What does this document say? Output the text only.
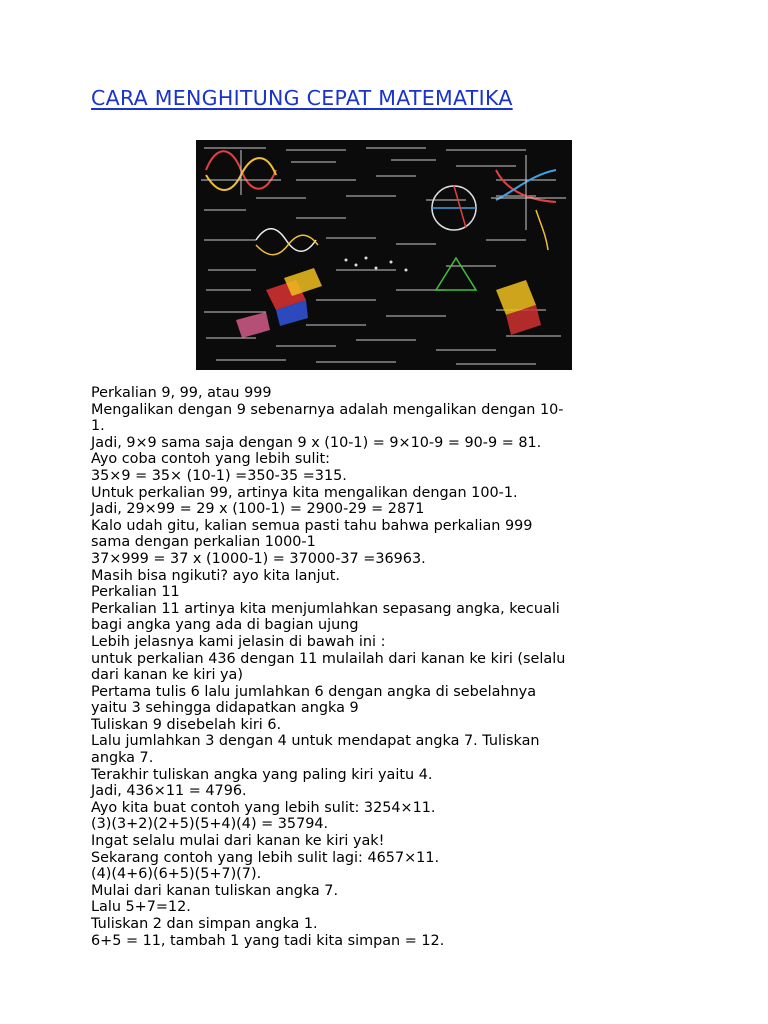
CARA MENGHITUNG CEPAT MATEMATIKA
Perkalian 9, 99, atau 999
Mengalikan dengan 9 sebenarnya adalah mengalikan dengan 10-
1.
Jadi, 9×9 sama saja dengan 9 x (10-1) = 9×10-9 = 90-9 = 81.
Ayo coba contoh yang lebih sulit:
35×9 = 35× (10-1) =350-35 =315.
Untuk perkalian 99, artinya kita mengalikan dengan 100-1.
Jadi, 29×99 = 29 x (100-1) = 2900-29 = 2871
Kalo udah gitu, kalian semua pasti tahu bahwa perkalian 999
sama dengan perkalian 1000-1
37×999 = 37 x (1000-1) = 37000-37 =36963.
Masih bisa ngikuti? ayo kita lanjut.
Perkalian 11
Perkalian 11 artinya kita menjumlahkan sepasang angka, kecuali
bagi angka yang ada di bagian ujung
Lebih jelasnya kami jelasin di bawah ini :
untuk perkalian 436 dengan 11 mulailah dari kanan ke kiri (selalu
dari kanan ke kiri ya)
Pertama tulis 6 lalu jumlahkan 6 dengan angka di sebelahnya
yaitu 3 sehingga didapatkan angka 9
Tuliskan 9 disebelah kiri 6.
Lalu jumlahkan 3 dengan 4 untuk mendapat angka 7. Tuliskan
angka 7.
Terakhir tuliskan angka yang paling kiri yaitu 4.
Jadi, 436×11 = 4796.
Ayo kita buat contoh yang lebih sulit: 3254×11.
(3)(3+2)(2+5)(5+4)(4) = 35794.
Ingat selalu mulai dari kanan ke kiri yak!
Sekarang contoh yang lebih sulit lagi: 4657×11.
(4)(4+6)(6+5)(5+7)(7).
Mulai dari kanan tuliskan angka 7.
Lalu 5+7=12.
Tuliskan 2 dan simpan angka 1.
6+5 = 11, tambah 1 yang tadi kita simpan = 12.
